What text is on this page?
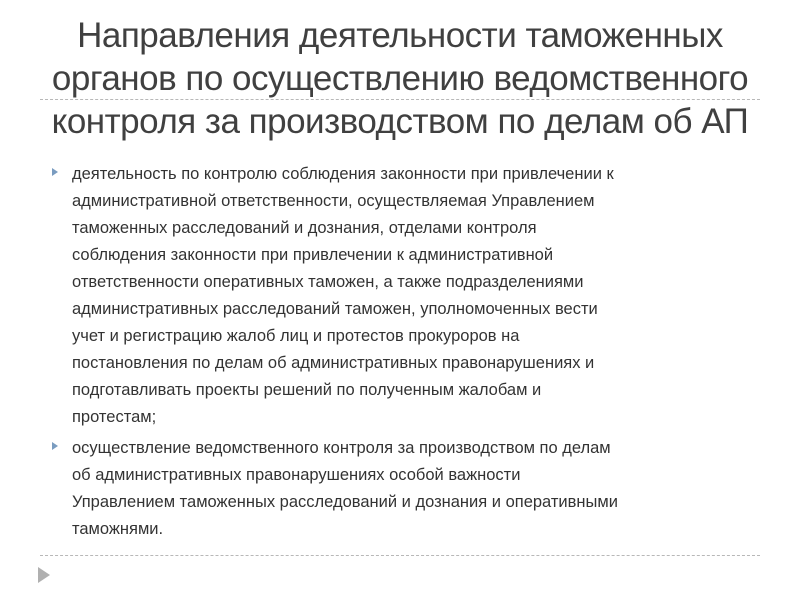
Направления деятельности таможенных
органов по осуществлению ведомственного
контроля за производством по делам об АП
деятельность по контролю соблюдения законности при привлечении к
административной ответственности, осуществляемая Управлением
таможенных расследований и дознания, отделами контроля
соблюдения законности при привлечении к административной
ответственности оперативных таможен, а также подразделениями
административных расследований таможен, уполномоченных вести
учет и регистрацию жалоб лиц и протестов прокуроров на
постановления по делам об административных правонарушениях и
подготавливать проекты решений по полученным жалобам и
протестам;
осуществление ведомственного контроля за производством по делам
об административных правонарушениях особой важности
Управлением таможенных расследований и дознания и оперативными
таможнями.
